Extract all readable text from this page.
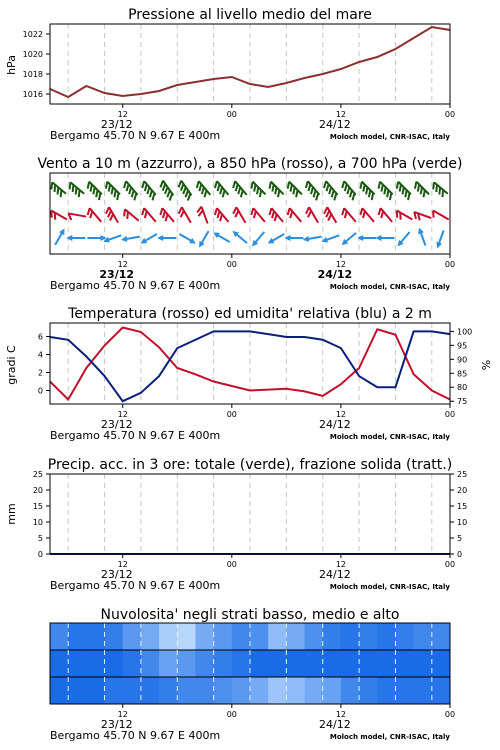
Pressione al livello medio del mare
Vento a 10 m (azzurro), a 850 hPa (rosso), a 700 hPa (verde)
Temperatura (rosso) ed umidita' relativa (blu) a 2 m
Precip. acc. in 3 ore: totale (verde), frazione solida (tratt.)
Nuvolosita' negli strati basso, medio e alto
hPa
gradi C	%
mm
1016
1018
1020
1022
0
2
4
6
75
80
85
90
95
100
0	0
5	5
10	10
15	15
20	20
25	25
12	00	12	00
23/12	24/12
Bergamo 45.70 N 9.67 E 400m	Moloch model, CNR-ISAC, Italy
12	00	12	00
23/12	24/12
Bergamo 45.70 N 9.67 E 400m	Moloch model, CNR-ISAC, Italy
12	00	12	00
23/12	24/12
Bergamo 45.70 N 9.67 E 400m	Moloch model, CNR-ISAC, Italy
12	00	12	00
23/12	24/12
Bergamo 45.70 N 9.67 E 400m	Moloch model, CNR-ISAC, Italy
12	00	12	00
23/12	24/12
Bergamo 45.70 N 9.67 E 400m	Moloch model, CNR-ISAC, Italy
